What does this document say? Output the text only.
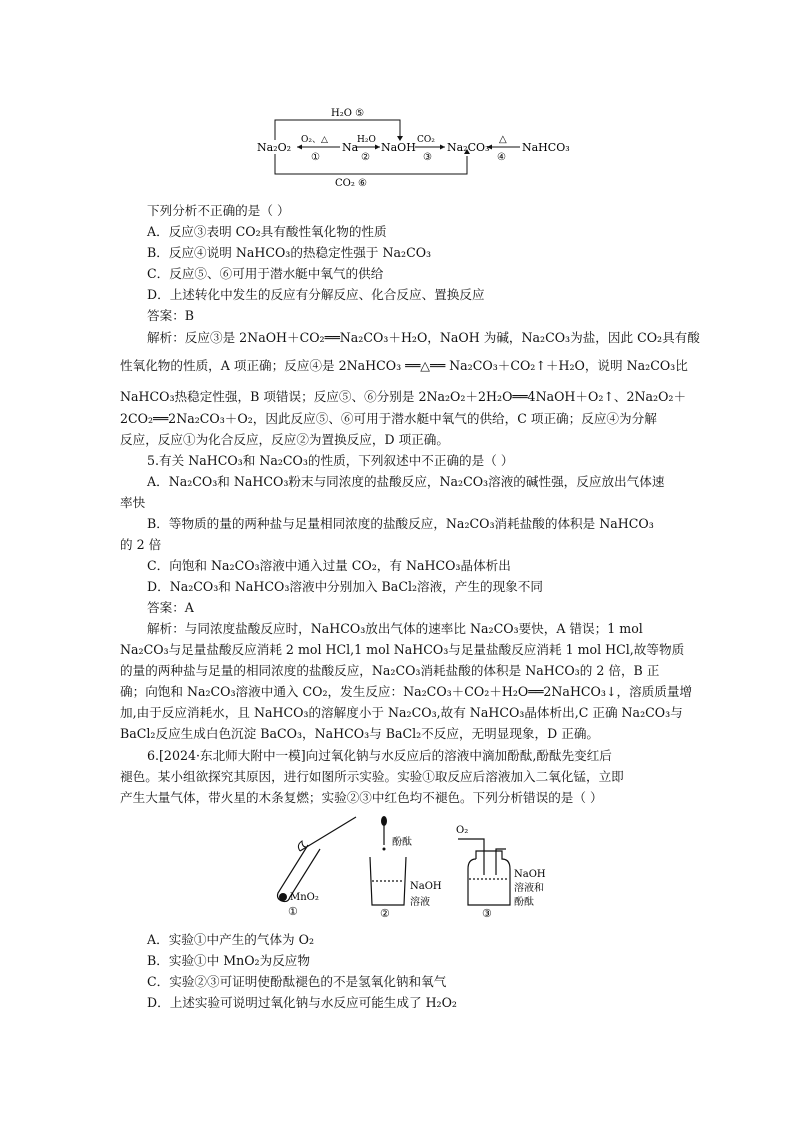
Na₂O₂	Na NaOH	Na₂CO₃	NaHCO₃
H₂O ⑤
CO₂ ⑥
O₂、△
①
H₂O
②
CO₂
③
△
④
下列分析不正确的是（ ）
A．反应③表明 CO₂具有酸性氧化物的性质
B．反应④说明 NaHCO₃的热稳定性强于 Na₂CO₃
C．反应⑤、⑥可用于潜水艇中氧气的供给
D．上述转化中发生的反应有分解反应、化合反应、置换反应
答案：B
解析：反应③是 2NaOH＋CO₂══Na₂CO₃＋H₂O，NaOH 为碱，Na₂CO₃为盐，因此 CO₂具有酸
性氧化物的性质，A 项正确；反应④是 2NaHCO₃ ══△══ Na₂CO₃＋CO₂↑＋H₂O，说明 Na₂CO₃比
NaHCO₃热稳定性强，B 项错误；反应⑤、⑥分别是 2Na₂O₂＋2H₂O══4NaOH＋O₂↑、2Na₂O₂＋
2CO₂══2Na₂CO₃＋O₂，因此反应⑤、⑥可用于潜水艇中氧气的供给，C 项正确；反应④为分解
反应，反应①为化合反应，反应②为置换反应，D 项正确。
5.有关 NaHCO₃和 Na₂CO₃的性质，下列叙述中不正确的是（ ）
A．Na₂CO₃和 NaHCO₃粉末与同浓度的盐酸反应，Na₂CO₃溶液的碱性强，反应放出气体速
率快
B．等物质的量的两种盐与足量相同浓度的盐酸反应，Na₂CO₃消耗盐酸的体积是 NaHCO₃
的 2 倍
C．向饱和 Na₂CO₃溶液中通入过量 CO₂，有 NaHCO₃晶体析出
D．Na₂CO₃和 NaHCO₃溶液中分别加入 BaCl₂溶液，产生的现象不同
答案：A
解析：与同浓度盐酸反应时，NaHCO₃放出气体的速率比 Na₂CO₃要快，A 错误；1 mol
Na₂CO₃与足量盐酸反应消耗 2 mol HCl,1 mol NaHCO₃与足量盐酸反应消耗 1 mol HCl,故等物质
的量的两种盐与足量的相同浓度的盐酸反应，Na₂CO₃消耗盐酸的体积是 NaHCO₃的 2 倍，B 正
确；向饱和 Na₂CO₃溶液中通入 CO₂，发生反应：Na₂CO₃＋CO₂＋H₂O══2NaHCO₃↓，溶质质量增
加,由于反应消耗水，且 NaHCO₃的溶解度小于 Na₂CO₃,故有 NaHCO₃晶体析出,C 正确 Na₂CO₃与
BaCl₂反应生成白色沉淀 BaCO₃，NaHCO₃与 BaCl₂不反应，无明显现象，D 正确。
6.[2024·东北师大附中一模]向过氧化钠与水反应后的溶液中滴加酚酞,酚酞先变红后
褪色。某小组欲探究其原因，进行如图所示实验。实验①取反应后溶液加入二氧化锰，立即
产生大量气体，带火星的木条复燃；实验②③中红色均不褪色。下列分析错误的是（ ）
MnO₂
①
酚酞
NaOH
溶液
②
O₂
NaOH
溶液和
酚酞
③
A．实验①中产生的气体为 O₂
B．实验①中 MnO₂为反应物
C．实验②③可证明使酚酞褪色的不是氢氧化钠和氧气
D．上述实验可说明过氧化钠与水反应可能生成了 H₂O₂
